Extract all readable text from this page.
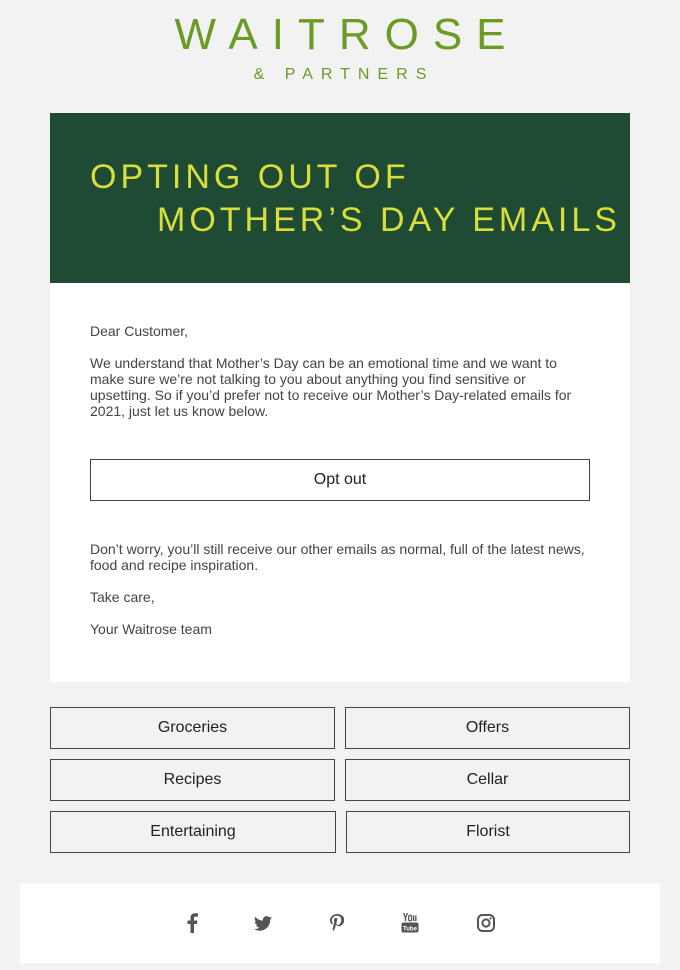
WAITROSE
& PARTNERS
OPTING OUT OF
MOTHER’S DAY EMAILS
Dear Customer,
We understand that Mother’s Day can be an emotional time and we want to make sure we’re not talking to you about anything you find sensitive or upsetting. So if you’d prefer not to receive our Mother’s Day-related emails for 2021, just let us know below.
Opt out
Don’t worry, you’ll still receive our other emails as normal, full of the latest news, food and recipe inspiration.
Take care,
Your Waitrose team
Groceries	Offers
Recipes	Cellar
Entertaining	Florist
Tube
